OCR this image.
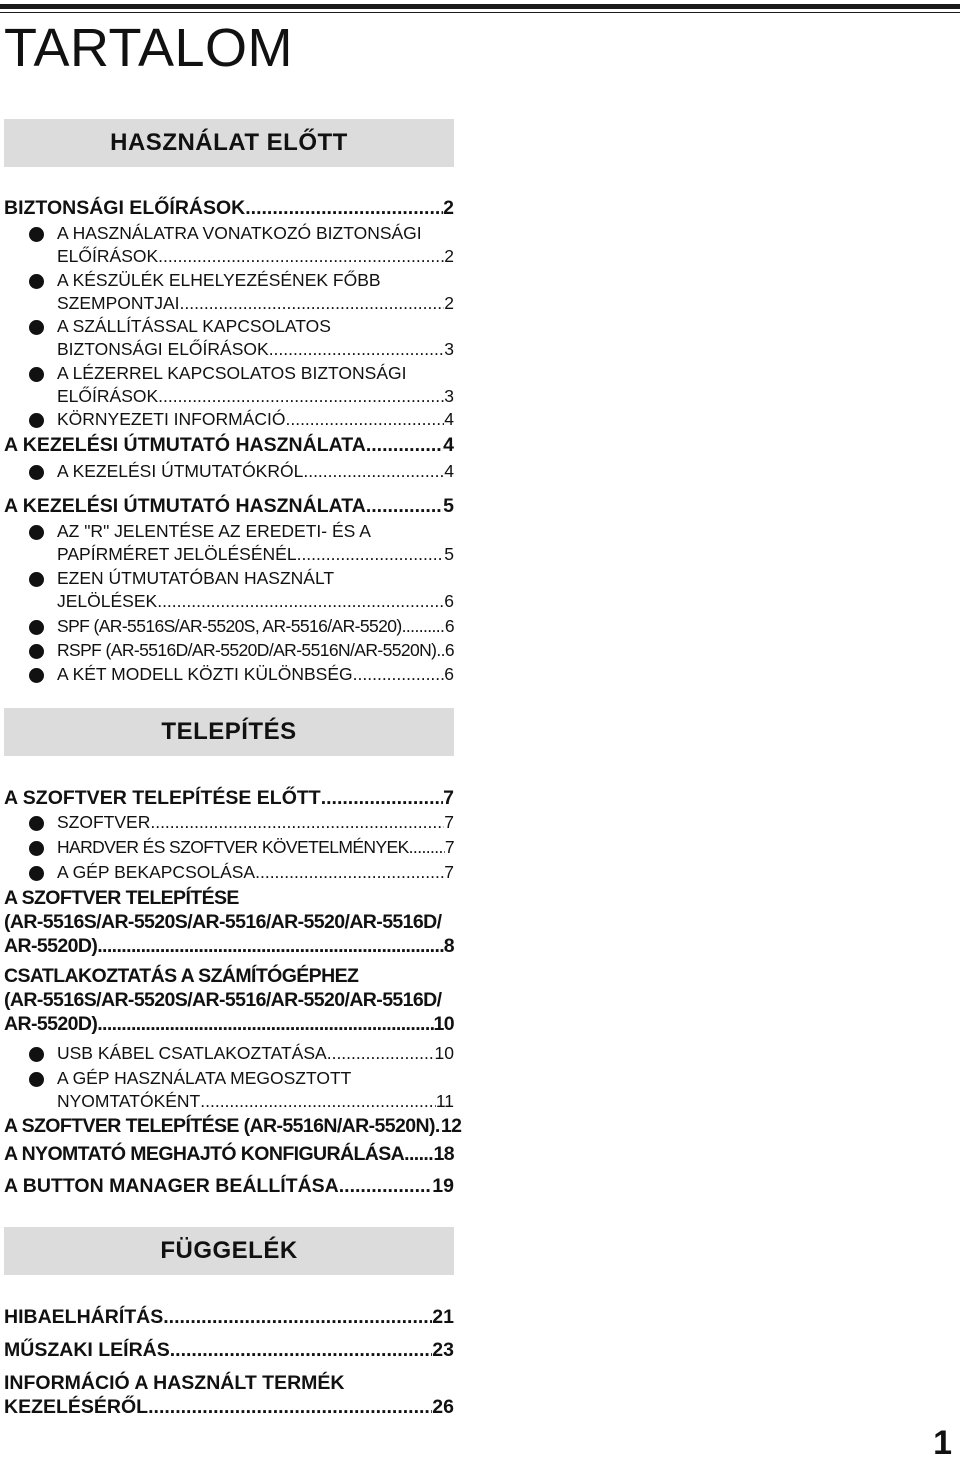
TARTALOM
HASZNÁLAT ELŐTT
BIZTONSÁGI ELŐÍRÁSOK .....	2
A HASZNÁLATRA VONATKOZÓ BIZTONSÁGI
ELŐÍRÁSOK .....	2
A KÉSZÜLÉK ELHELYEZÉSÉNEK FŐBB
SZEMPONTJAI .....	2
A SZÁLLÍTÁSSAL KAPCSOLATOS
BIZTONSÁGI ELŐÍRÁSOK .....	3
A LÉZERREL KAPCSOLATOS BIZTONSÁGI
ELŐÍRÁSOK .....	3
KÖRNYEZETI INFORMÁCIÓ .....	4
A KEZELÉSI ÚTMUTATÓ HASZNÁLATA .....	4
A KEZELÉSI ÚTMUTATÓKRÓL .....	4
A KEZELÉSI ÚTMUTATÓ HASZNÁLATA .....	5
AZ "R" JELENTÉSE AZ EREDETI- ÉS A
PAPÍRMÉRET JELÖLÉSÉNÉL .....	5
EZEN ÚTMUTATÓBAN HASZNÁLT
JELÖLÉSEK .....	6
SPF (AR-5516S/AR-5520S, AR-5516/AR-5520) ..... 6
RSPF (AR-5516D/AR-5520D/AR-5516N/AR-5520N) ..... 6
A KÉT MODELL KÖZTI KÜLÖNBSÉG .....	6
TELEPÍTÉS
A SZOFTVER TELEPÍTÉSE ELŐTT .....	7
SZOFTVER .....	7
HARDVER ÉS SZOFTVER KÖVETELMÉNYEK ..... 7
A GÉP BEKAPCSOLÁSA .....	7
A SZOFTVER TELEPÍTÉSE
(AR-5516S/AR-5520S/AR-5516/AR-5520/AR-5516D/
AR-5520D) .....	8
CSATLAKOZTATÁS A SZÁMÍTÓGÉPHEZ
(AR-5516S/AR-5520S/AR-5516/AR-5520/AR-5516D/
AR-5520D) .....	10
USB KÁBEL CSATLAKOZTATÁSA .....	10
A GÉP HASZNÁLATA MEGOSZTOTT
NYOMTATÓKÉNT .....	11
A SZOFTVER TELEPÍTÉSE (AR-5516N/AR-5520N) ..... 12
A NYOMTATÓ MEGHAJTÓ KONFIGURÁLÁSA ..... 18
A BUTTON MANAGER BEÁLLÍTÁSA .....	19
FÜGGELÉK
HIBAELHÁRÍTÁS .....	21
MŰSZAKI LEÍRÁS .....	23
INFORMÁCIÓ A HASZNÁLT TERMÉK
KEZELÉSÉRŐL .....	26
1
